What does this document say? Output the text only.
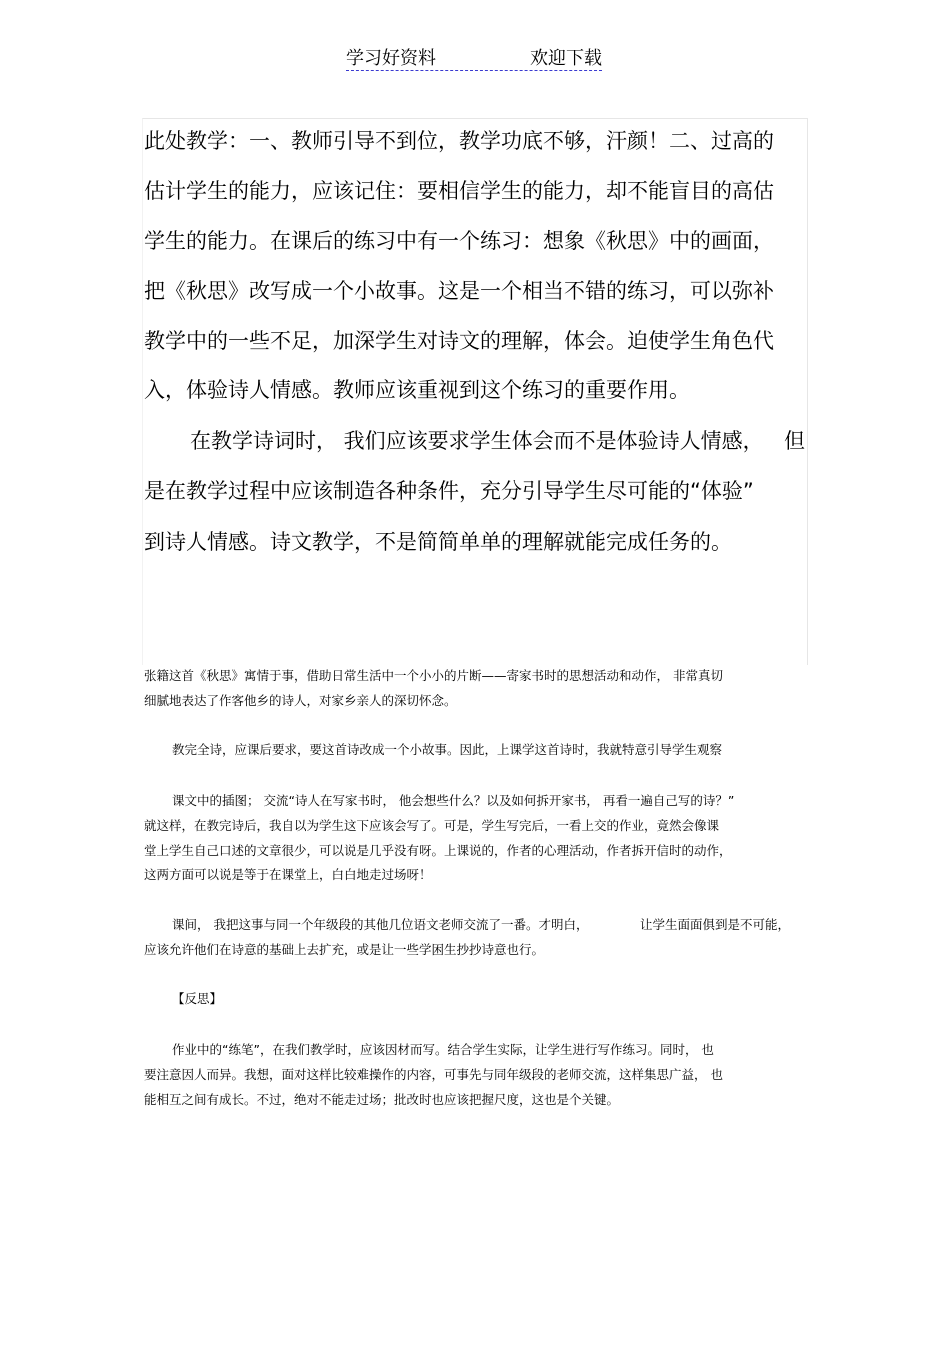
学习好资料	欢迎下载
此处教学：一、教师引导不到位，教学功底不够，汗颜！二、过高的
估计学生的能力，应该记住：要相信学生的能力，却不能盲目的高估
学生的能力。在课后的练习中有一个练习：想象《秋思》中的画面，
把《秋思》改写成一个小故事。这是一个相当不错的练习，可以弥补
教学中的一些不足，加深学生对诗文的理解，体会。迫使学生角色代
入，体验诗人情感。教师应该重视到这个练习的重要作用。
在教学诗词时， 我们应该要求学生体会而不是体验诗人情感， 但
是在教学过程中应该制造各种条件，充分引导学生尽可能的“体验”
到诗人情感。诗文教学，不是简简单单的理解就能完成任务的。
张籍这首《秋思》寓情于事，借助日常生活中一个小小的片断——寄家书时的思想活动和动作， 非常真切
细腻地表达了作客他乡的诗人，对家乡亲人的深切怀念。
教完全诗，应课后要求，要这首诗改成一个小故事。因此，上课学这首诗时，我就特意引导学生观察
课文中的插图； 交流“诗人在写家书时， 他会想些什么？以及如何拆开家书， 再看一遍自己写的诗？”
就这样，在教完诗后，我自以为学生这下应该会写了。可是，学生写完后，一看上交的作业，竟然会像课
堂上学生自己口述的文章很少，可以说是几乎没有呀。上课说的，作者的心理活动，作者拆开信时的动作，
这两方面可以说是等于在课堂上，白白地走过场呀！
课间， 我把这事与同一个年级段的其他几位语文老师交流了一番。才明白，	让学生面面俱到是不可能，
应该允许他们在诗意的基础上去扩充，或是让一些学困生抄抄诗意也行。
【反思】
作业中的“练笔”，在我们教学时，应该因材而写。结合学生实际，让学生进行写作练习。同时， 也
要注意因人而异。我想，面对这样比较难操作的内容，可事先与同年级段的老师交流，这样集思广益， 也
能相互之间有成长。不过，绝对不能走过场；批改时也应该把握尺度，这也是个关键。
